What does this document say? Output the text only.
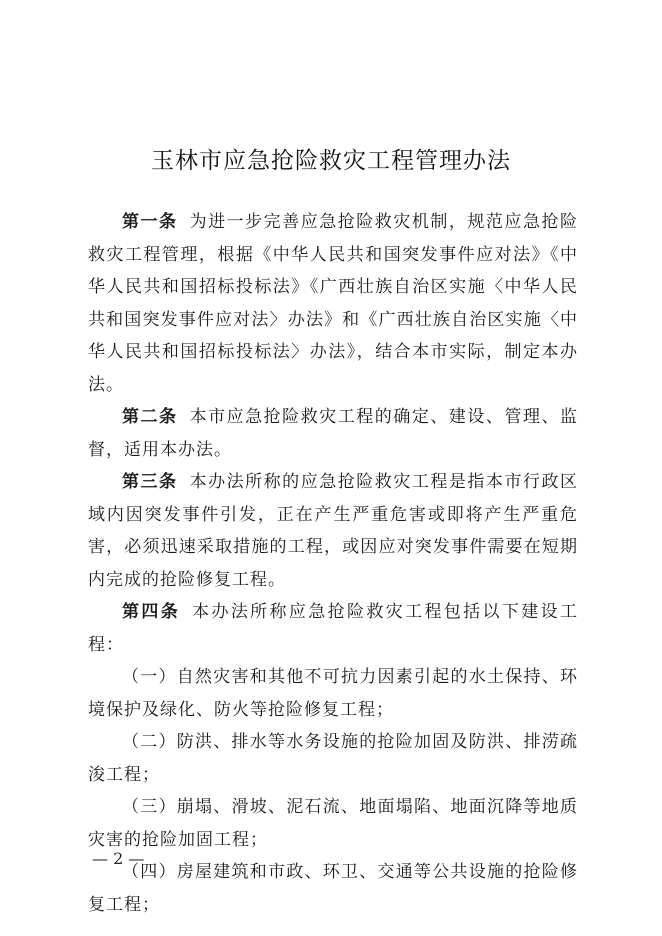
玉林市应急抢险救灾工程管理办法

第一条 为进一步完善应急抢险救灾机制，规范应急抢险救灾工程管理，根据《中华人民共和国突发事件应对法》《中华人民共和国招标投标法》《广西壮族自治区实施〈中华人民共和国突发事件应对法〉办法》和《广西壮族自治区实施〈中华人民共和国招标投标法〉办法》，结合本市实际，制定本办法。

第二条 本市应急抢险救灾工程的确定、建设、管理、监督，适用本办法。

第三条 本办法所称的应急抢险救灾工程是指本市行政区域内因突发事件引发，正在产生严重危害或即将产生严重危害，必须迅速采取措施的工程，或因应对突发事件需要在短期内完成的抢险修复工程。

第四条 本办法所称应急抢险救灾工程包括以下建设工程：

（一）自然灾害和其他不可抗力因素引起的水土保持、环境保护及绿化、防火等抢险修复工程；

（二）防洪、排水等水务设施的抢险加固及防洪、排涝疏浚工程；

（三）崩塌、滑坡、泥石流、地面塌陷、地面沉降等地质灾害的抢险加固工程；

（四）房屋建筑和市政、环卫、交通等公共设施的抢险修复工程；

— 2 —
